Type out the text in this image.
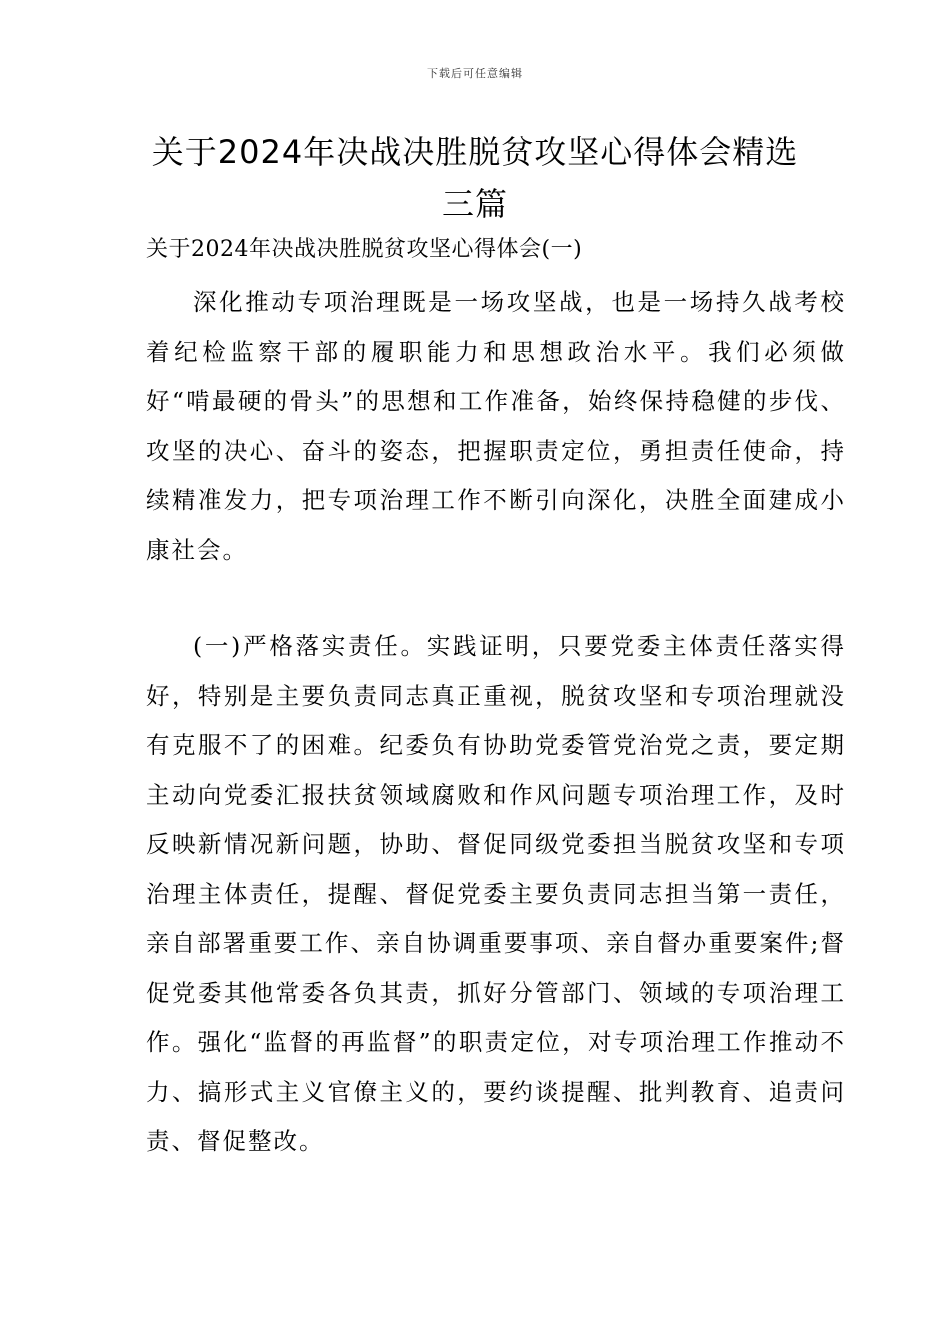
下载后可任意编辑
关于2024年决战决胜脱贫攻坚心得体会精选三篇

关于2024年决战决胜脱贫攻坚心得体会(一)

深化推动专项治理既是一场攻坚战，也是一场持久战考校着纪检监察干部的履职能力和思想政治水平。我们必须做好“啃最硬的骨头”的思想和工作准备，始终保持稳健的步伐、攻坚的决心、奋斗的姿态，把握职责定位，勇担责任使命，持续精准发力，把专项治理工作不断引向深化，决胜全面建成小康社会。

(一)严格落实责任。实践证明，只要党委主体责任落实得好，特别是主要负责同志真正重视，脱贫攻坚和专项治理就没有克服不了的困难。纪委负有协助党委管党治党之责，要定期主动向党委汇报扶贫领域腐败和作风问题专项治理工作，及时反映新情况新问题，协助、督促同级党委担当脱贫攻坚和专项治理主体责任，提醒、督促党委主要负责同志担当第一责任，亲自部署重要工作、亲自协调重要事项、亲自督办重要案件;督促党委其他常委各负其责，抓好分管部门、领域的专项治理工作。强化“监督的再监督”的职责定位，对专项治理工作推动不力、搞形式主义官僚主义的，要约谈提醒、批判教育、追责问责、督促整改。
